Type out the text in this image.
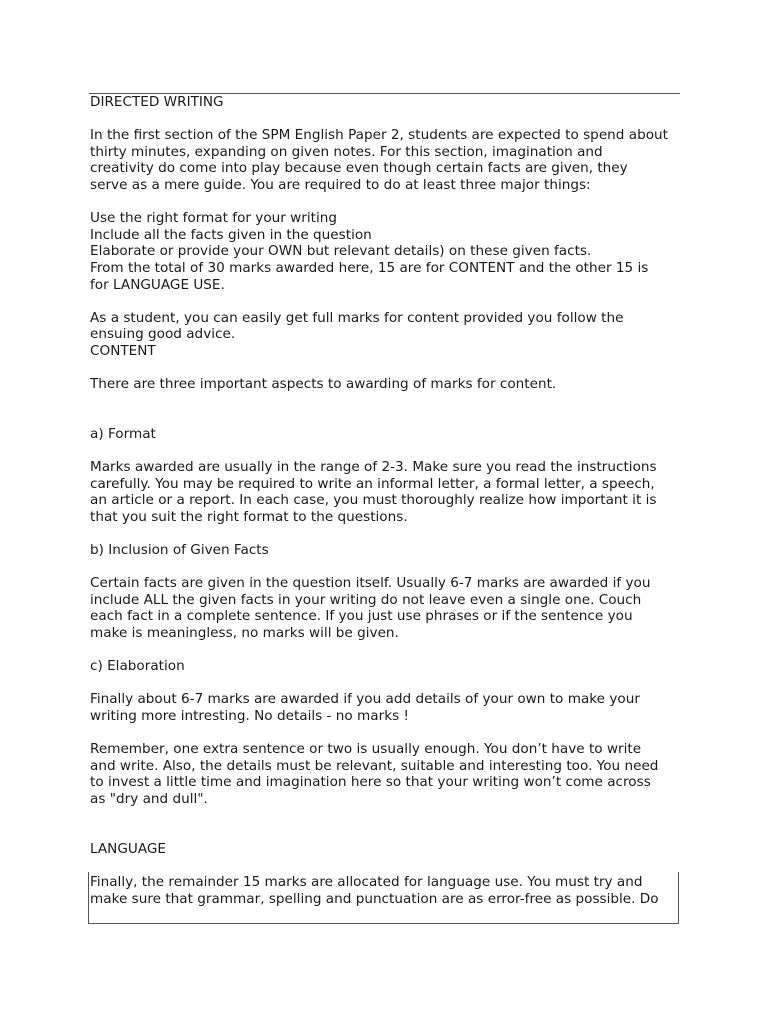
DIRECTED WRITING

In the first section of the SPM English Paper 2, students are expected to spend about

thirty minutes, expanding on given notes. For this section, imagination and

creativity do come into play because even though certain facts are given, they

serve as a mere guide. You are required to do at least three major things:

Use the right format for your writing

Include all the facts given in the question

Elaborate or provide your OWN but relevant details) on these given facts.

From the total of 30 marks awarded here, 15 are for CONTENT and the other 15 is

for LANGUAGE USE.

As a student, you can easily get full marks for content provided you follow the

ensuing good advice.

CONTENT

There are three important aspects to awarding of marks for content.

a) Format

Marks awarded are usually in the range of 2-3. Make sure you read the instructions

carefully. You may be required to write an informal letter, a formal letter, a speech,

an article or a report. In each case, you must thoroughly realize how important it is

that you suit the right format to the questions.

b) Inclusion of Given Facts

Certain facts are given in the question itself. Usually 6-7 marks are awarded if you

include ALL the given facts in your writing do not leave even a single one. Couch

each fact in a complete sentence. If you just use phrases or if the sentence you

make is meaningless, no marks will be given.

c) Elaboration

Finally about 6-7 marks are awarded if you add details of your own to make your

writing more intresting. No details - no marks !

Remember, one extra sentence or two is usually enough. You don’t have to write

and write. Also, the details must be relevant, suitable and interesting too. You need

to invest a little time and imagination here so that your writing won’t come across

as "dry and dull".

LANGUAGE

Finally, the remainder 15 marks are allocated for language use. You must try and

make sure that grammar, spelling and punctuation are as error-free as possible. Do
